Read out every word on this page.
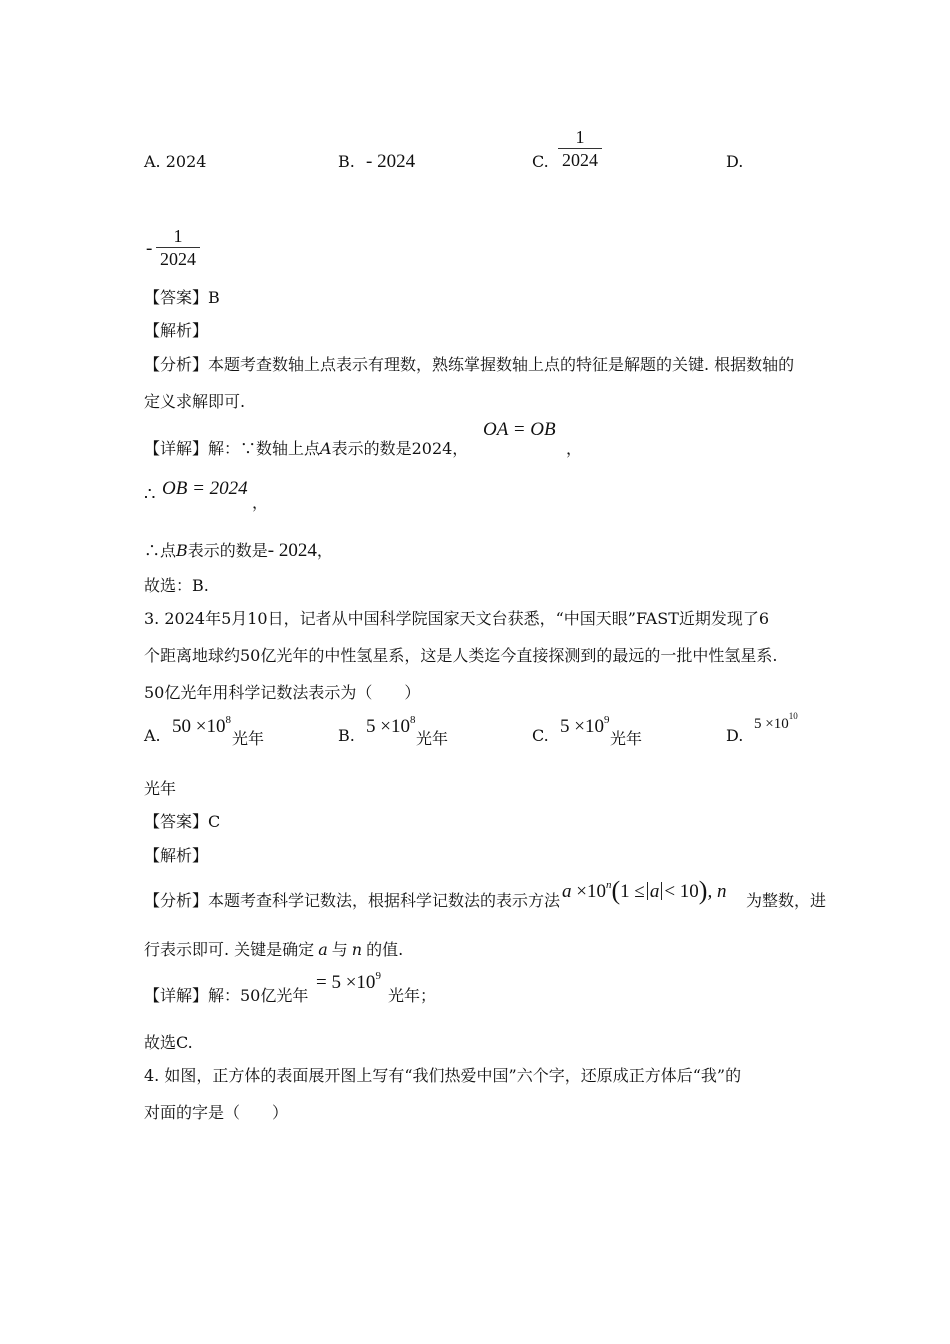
A. 2024	B. - 2024	C.
1
2024	D.
-
1
2024
【答案】B
【解析】
【分析】本题考查数轴上点表示有理数，熟练掌握数轴上点的特征是解题的关键. 根据数轴的
定义求解即可.
【详解】解：∵数轴上点A表示的数是2024，
OA = OB
，
∴ OB = 2024
，
∴点B表示的数是- 2024，
故选：B.
3. 2024年5月10日，记者从中国科学院国家天文台获悉，“中国天眼”FAST近期发现了6
个距离地球约50亿光年的中性氢星系，这是人类迄今直接探测到的最远的一批中性氢星系.
50亿光年用科学记数法表示为（　　）
A. $50 \times 10^8$
光年	B. $5 \times 10^8$
光年	C. $5 \times 10^9$
光年	D.
$5 \times 10^{10}$
光年
【答案】C
【解析】
【分析】本题考查科学记数法，根据科学记数法的表示方法 $a \times 10^n(1 \le a < 10)$, n 为整数，进
行表示即可. 关键是确定 a 与 n 的值.
【详解】解：50亿光年
= $5 \times 10^9$
光年；
故选C.
4. 如图，正方体的表面展开图上写有“我们热爱中国”六个字，还原成正方体后“我”的
对面的字是（　　）
